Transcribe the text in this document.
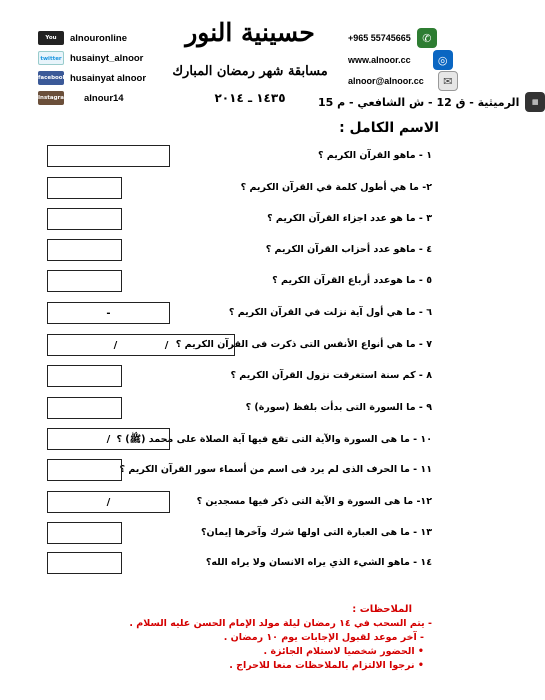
You	alnouronline
twitter husainyt_alnoor
facebook husainyat alnoor
Instagram alnour14
حسينية النور
مسابقة شهر رمضان المبارك
١٤٣٥ ـ ٢٠١٤
+965 55745665	✆
www.alnoor.cc	◎
alnoor@alnoor.cc	✉
الرميثية - ق 12 - ش الشافعي - م 15	▦
الاسم الكامل :
١ - ماهو القرآن الكريم ؟
٢- ما هي أطول كلمة في القرآن الكريم ؟
٣ - ما هو عدد اجزاء القرآن الكريم ؟
٤ - ماهو عدد أحزاب القرآن الكريم ؟
٥ - ما هوعدد أرباع القرآن الكريم ؟
٦ - ما هي أول آية نزلت في القرآن الكريم ؟
-
٧ - ما هي أنواع الأنفس التى ذكرت فى القرآن الكريم ؟
/ /
٨ - كم سنة استغرقت نزول القرآن الكريم ؟
٩ - ما السورة التى بدأت بلفظ (سورة) ؟
١٠ - ما هى السورة والآية التى تقع فيها آية الصلاة على محمد (ﷺ) ؟
/
١١ - ما الحرف الذى لم يرد فى اسم من أسماء سور القرآن الكريم ؟
١٢- ما هى السورة و الآية التى ذكر فيها مسجدين ؟
/
١٣ - ما هى العبارة التى اولها شرك وآخرها إيمان؟
١٤ - ماهو الشيء الذي يراه الانسان ولا يراه الله؟
الملاحظات :
- يتم السحب في ١٤ رمضان ليلة مولد الإمام الحسن عليه السلام .
- آخر موعد لقبول الإجابات يوم ١٠ رمضان .
• الحضور شخصيا لاستلام الجائزة .
• نرجوا الالتزام بالملاحظات منعا للاحراج .
